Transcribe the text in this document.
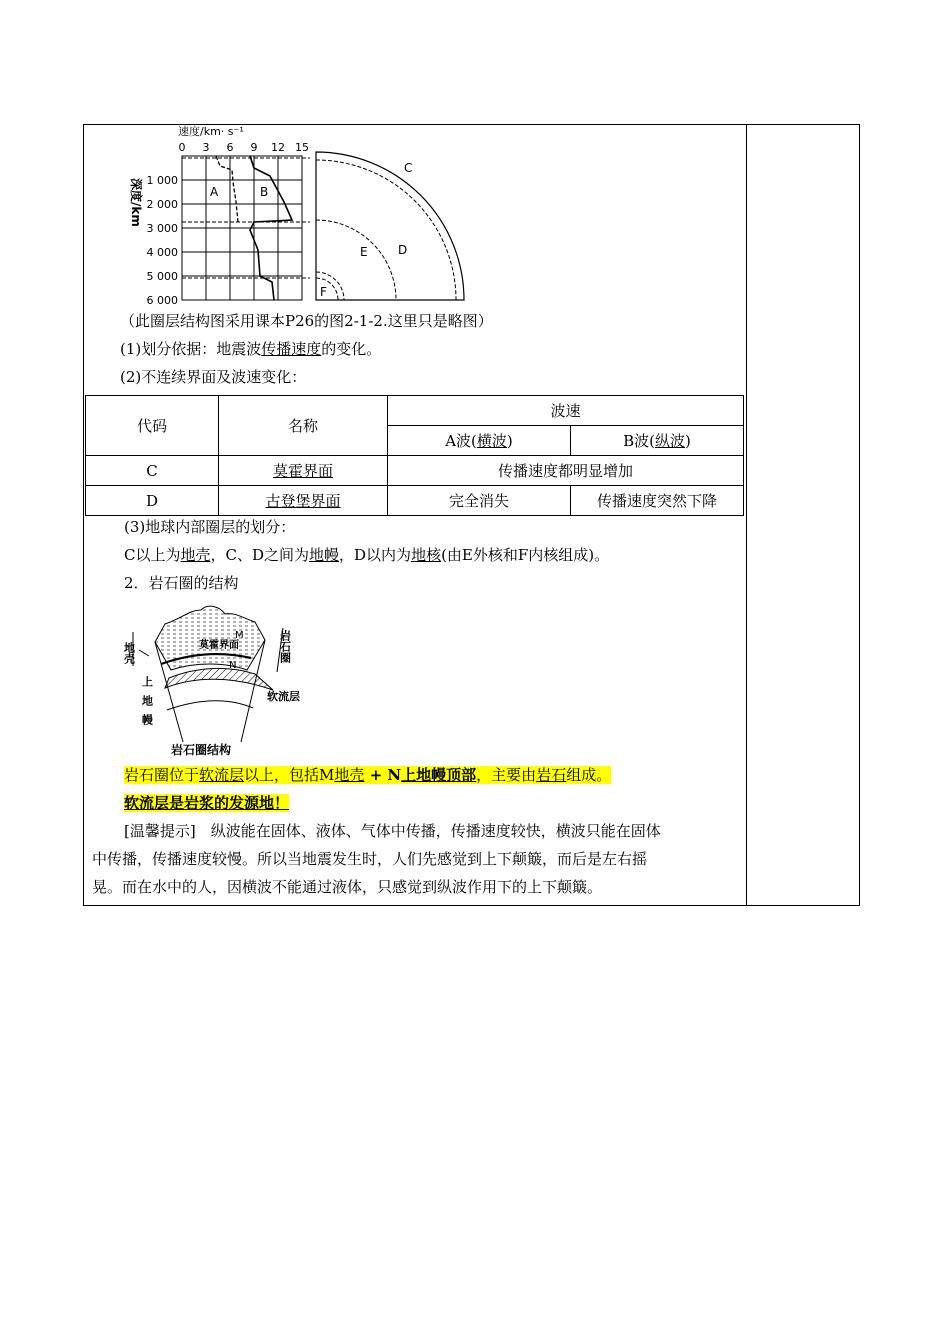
速度/km· s⁻¹
0 3 6 9 12 15
深度/km 1 000
2 000
3 000
4 000
5 000
6 000
A	B
C
D
E
F
（此圈层结构图采用课本P26的图2-1-2.这里只是略图）
(1)划分依据：地震波传播速度的变化。
(2)不连续界面及波速变化：
代码	名称	波速	
		A波(横波)	B波(纵波)
C	莫霍界面	传播速度都明显增加	
D	古登堡界面	完全消失	传播速度突然下降
(3)地球内部圈层的划分：
C以上为地壳，C、D之间为地幔，D以内为地核(由E外核和F内核组成)。
2．岩石圈的结构
莫霍界面
M
N
地壳
上地幔
岩石圈
软流层
岩石圈结构
岩石圈位于软流层以上，包括M地壳 + N上地幔顶部，主要由岩石组成。
软流层是岩浆的发源地！
[温馨提示]　纵波能在固体、液体、气体中传播，传播速度较快，横波只能在固体
中传播，传播速度较慢。所以当地震发生时，人们先感觉到上下颠簸，而后是左右摇
晃。而在水中的人，因横波不能通过液体，只感觉到纵波作用下的上下颠簸。
